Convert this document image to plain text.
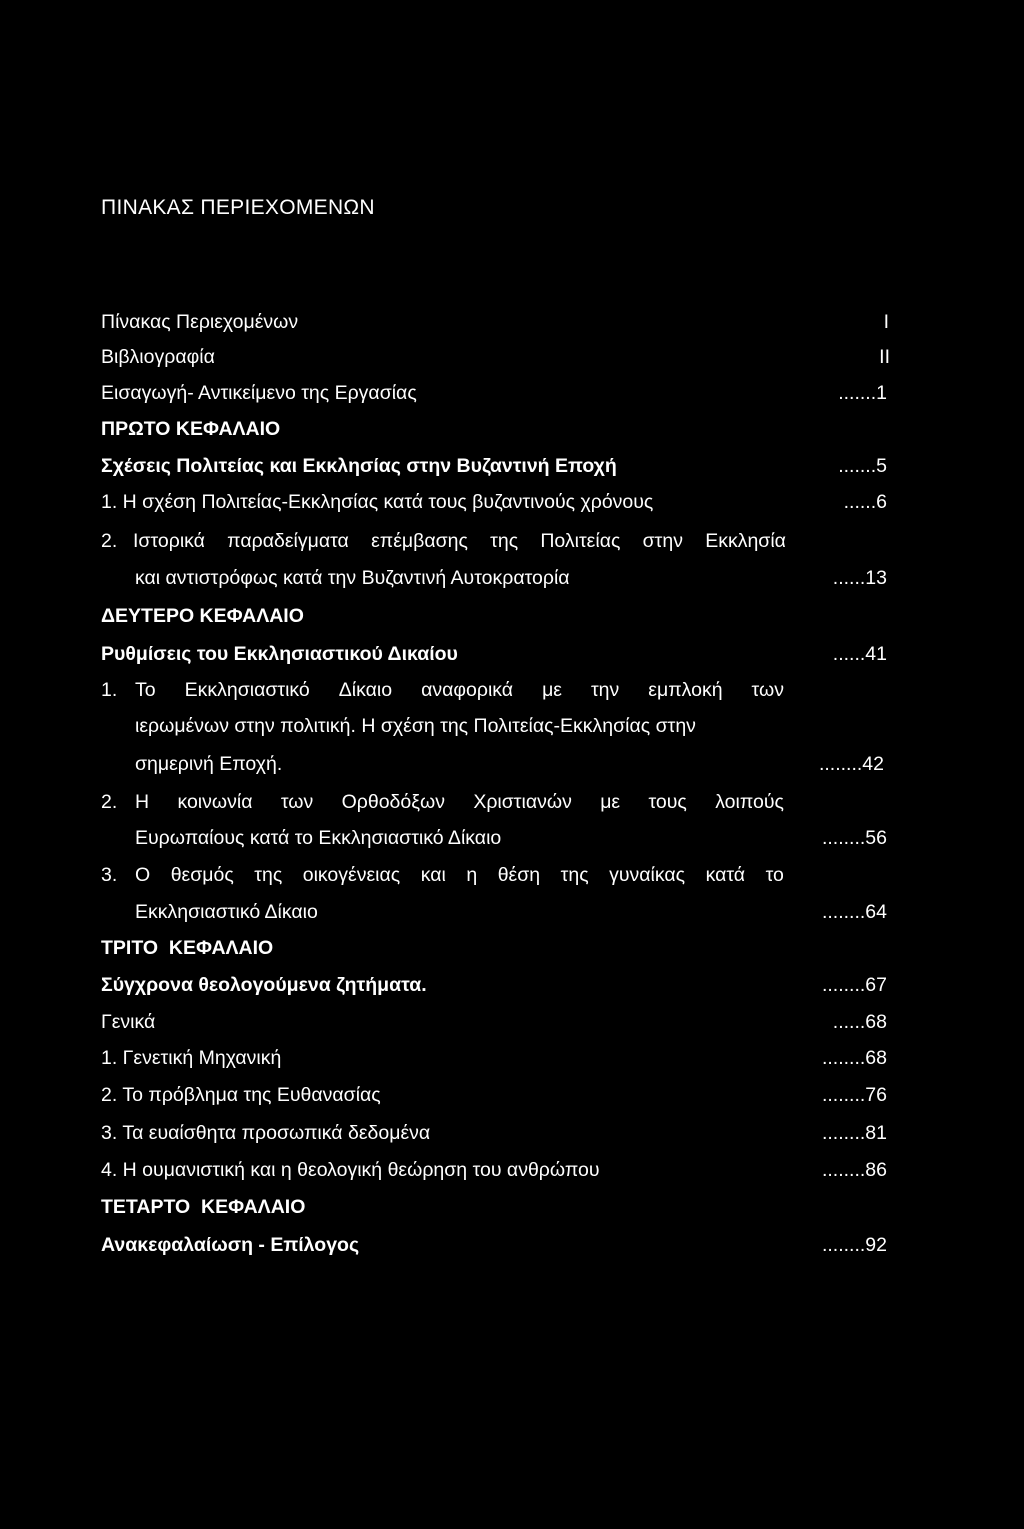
ΠΙΝΑΚΑΣ ΠΕΡΙΕΧΟΜΕΝΩΝ
Πίνακας Περιεχομένων	I
Βιβλιογραφία	II
Εισαγωγή- Αντικείμενο της Εργασίας	.......1
ΠΡΩΤΟ ΚΕΦΑΛΑΙΟ
Σχέσεις Πολιτείας και Εκκλησίας στην Βυζαντινή Εποχή	.......5
1. Η σχέση Πολιτείας-Εκκλησίας κατά τους βυζαντινούς χρόνους	......6
2. Ιστορικά παραδείγματα επέμβασης της Πολιτείας στην Εκκλησία
και αντιστρόφως κατά την Βυζαντινή Αυτοκρατορία	......13
ΔΕΥΤΕΡΟ ΚΕΦΑΛΑΙΟ
Ρυθμίσεις του Εκκλησιαστικού Δικαίου	......41
1. Το Εκκλησιαστικό Δίκαιο αναφορικά με την εμπλοκή των
ιερωμένων στην πολιτική. Η σχέση της Πολιτείας-Εκκλησίας στην
σημερινή Εποχή.	........42
2. Η κοινωνία των Ορθοδόξων Χριστιανών με τους λοιπούς
Ευρωπαίους κατά το Εκκλησιαστικό Δίκαιο	........56
3. Ο θεσμός της οικογένειας και η θέση της γυναίκας κατά το
Εκκλησιαστικό Δίκαιο	........64
ΤΡΙΤΟ  ΚΕΦΑΛΑΙΟ
Σύγχρονα θεολογούμενα ζητήματα.	........67
Γενικά	......68
1. Γενετική Μηχανική	........68
2. Το πρόβλημα της Ευθανασίας	........76
3. Τα ευαίσθητα προσωπικά δεδομένα	........81
4. Η ουμανιστική και η θεολογική θεώρηση του ανθρώπου	........86
ΤΕΤΑΡΤΟ  ΚΕΦΑΛΑΙΟ
Ανακεφαλαίωση - Επίλογος	........92
